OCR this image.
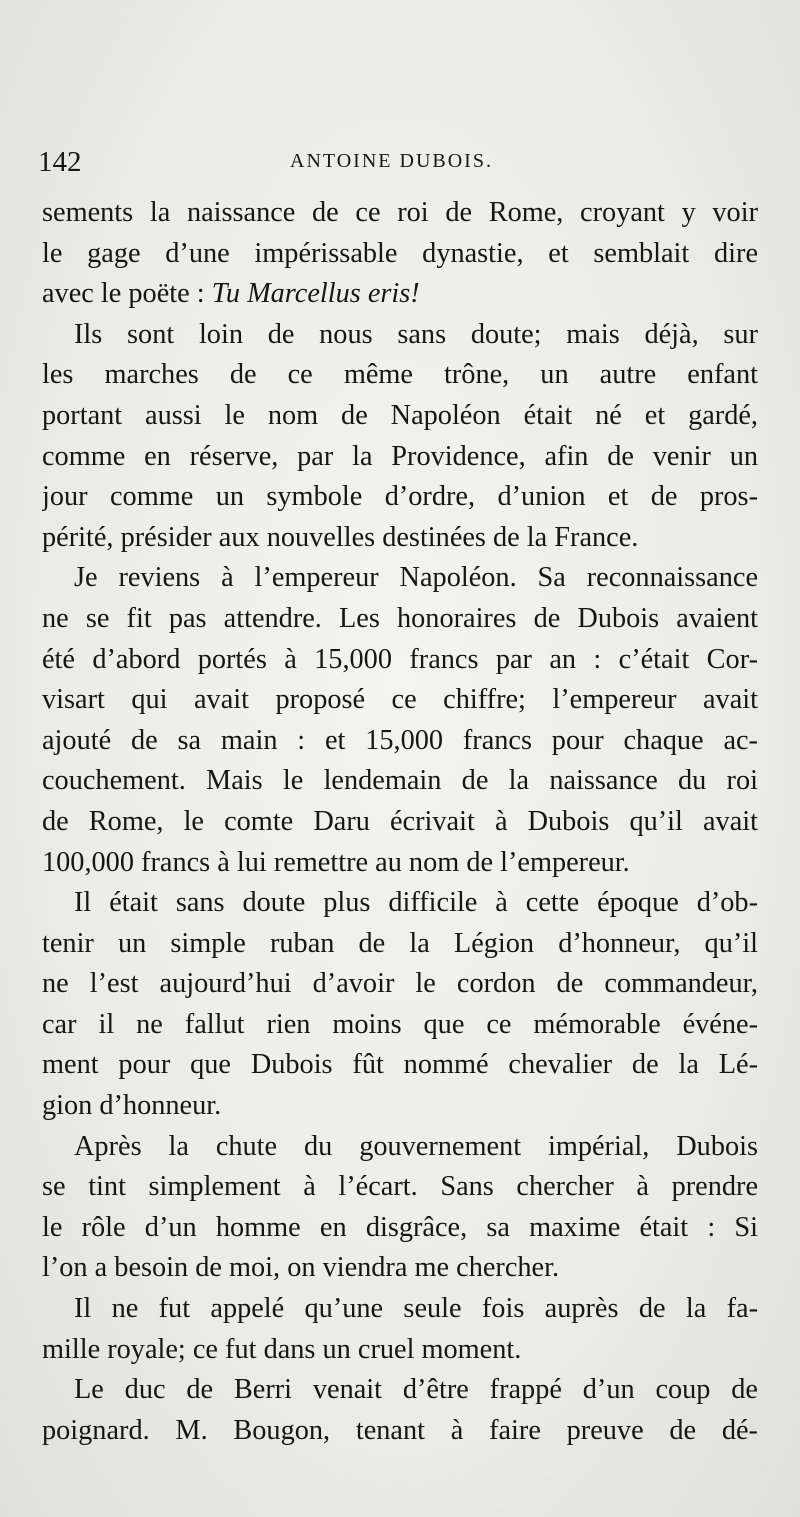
142	ANTOINE DUBOIS.
sements la naissance de ce roi de Rome, croyant y voir
le gage d’une impérissable dynastie, et semblait dire
avec le poëte : Tu Marcellus eris!
Ils sont loin de nous sans doute; mais déjà, sur
les marches de ce même trône, un autre enfant
portant aussi le nom de Napoléon était né et gardé,
comme en réserve, par la Providence, afin de venir un
jour comme un symbole d’ordre, d’union et de pros-
périté, présider aux nouvelles destinées de la France.
Je reviens à l’empereur Napoléon. Sa reconnaissance
ne se fit pas attendre. Les honoraires de Dubois avaient
été d’abord portés à 15,000 francs par an : c’était Cor-
visart qui avait proposé ce chiffre; l’empereur avait
ajouté de sa main : et 15,000 francs pour chaque ac-
couchement. Mais le lendemain de la naissance du roi
de Rome, le comte Daru écrivait à Dubois qu’il avait
100,000 francs à lui remettre au nom de l’empereur.
Il était sans doute plus difficile à cette époque d’ob-
tenir un simple ruban de la Légion d’honneur, qu’il
ne l’est aujourd’hui d’avoir le cordon de commandeur,
car il ne fallut rien moins que ce mémorable événe-
ment pour que Dubois fût nommé chevalier de la Lé-
gion d’honneur.
Après la chute du gouvernement impérial, Dubois
se tint simplement à l’écart. Sans chercher à prendre
le rôle d’un homme en disgrâce, sa maxime était : Si
l’on a besoin de moi, on viendra me chercher.
Il ne fut appelé qu’une seule fois auprès de la fa-
mille royale; ce fut dans un cruel moment.
Le duc de Berri venait d’être frappé d’un coup de
poignard. M. Bougon, tenant à faire preuve de dé-
